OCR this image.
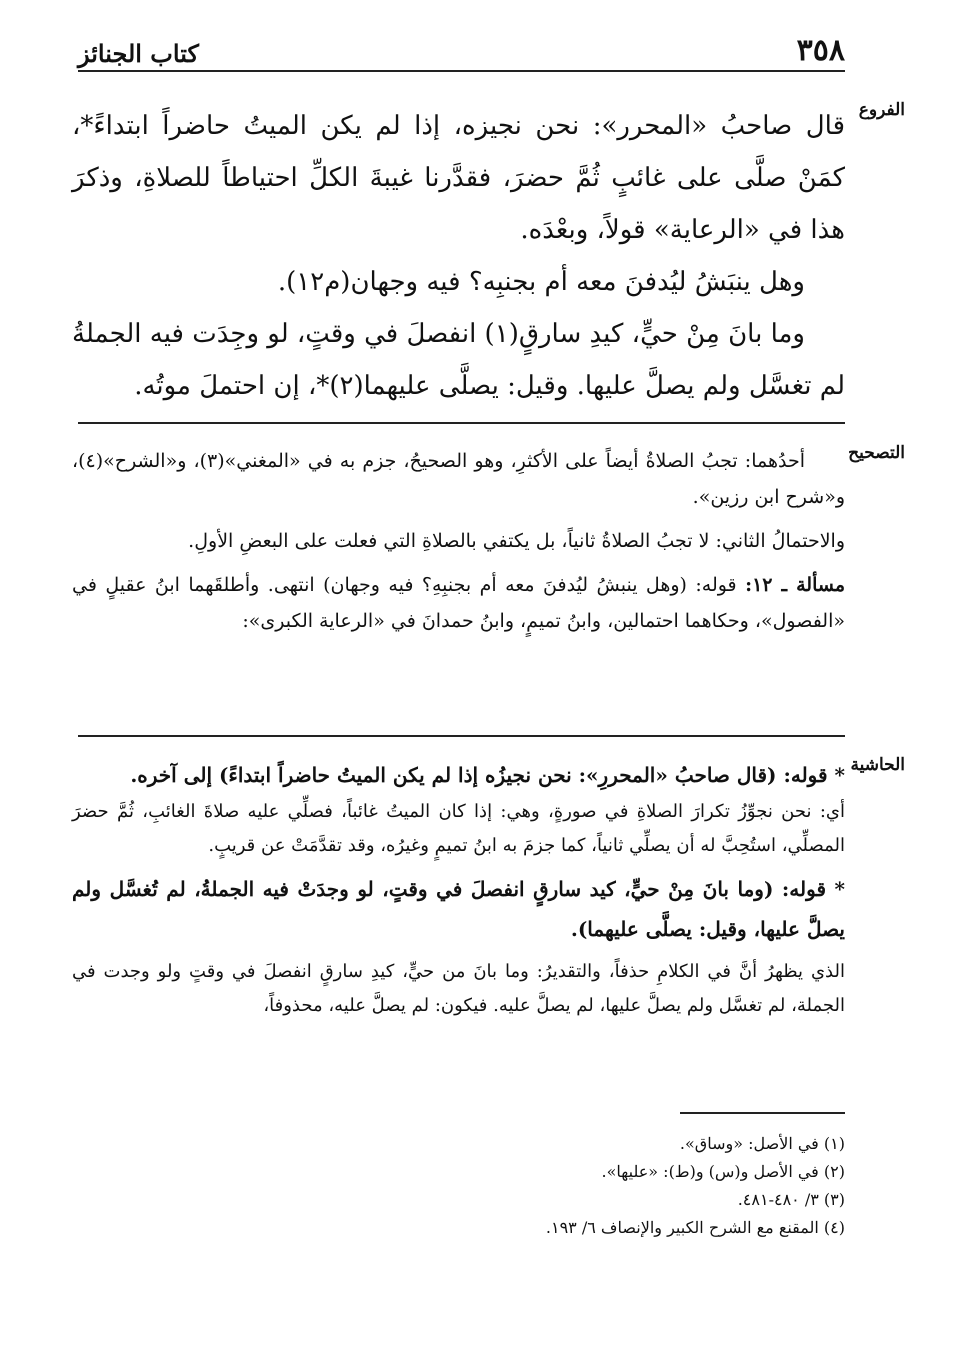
٣٥٨
كتاب الجنائز
الفروع

قال صاحبُ «المحرر»: نحن نجيزه، إذا لم يكن الميتُ حاضراً ابتداءً*، كمَنْ صلَّى على غائبٍ ثُمَّ حضرَ، فقدَّرنا غيبةَ الكلِّ احتياطاً للصلاةِ، وذكرَ هذا في «الرعاية» قولاً، وبعْدَه.

وهل ينبَشُ ليُدفنَ معه أم بجنبِه؟ فيه وجهان(م١٢).

وما بانَ مِنْ حيٍّ، كيدِ سارقٍ(١) انفصلَ في وقتٍ، لو وجِدَت فيه الجملةُ لم تغسَّل ولم يصلَّ عليها. وقيل: يصلَّى عليهما(٢)*، إن احتملَ موتُه.

التصحيح

أحدُهما: تجبُ الصلاةُ أيضاً على الأكثرِ، وهو الصحيحُ، جزم به في «المغني»(٣)، و«الشرح»(٤)، و«شرح ابن رزين».

والاحتمالُ الثاني: لا تجبُ الصلاةُ ثانياً، بل يكتفي بالصلاةِ التي فعلت على البعضِ الأولِ.

مسألة ـ ١٢: قوله: (وهل ينبشُ ليُدفنَ معه أم بجنبِهِ؟ فيه وجهان) انتهى. وأطلقَهما ابنُ عقيلٍ في «الفصول»، وحكاهما احتمالين، وابنُ تميمٍ، وابنُ حمدانَ في «الرعاية الكبرى»:

الحاشية

* قوله: (قال صاحبُ «المحررِ»: نحن نجيزُه إذا لم يكن الميتُ حاضراً ابتداءً) إلى آخره.

أي: نحن نجوِّزُ تكرارَ الصلاةِ في صورةٍ، وهي: إذا كان الميتُ غائباً، فصلِّي عليه صلاةَ الغائبِ، ثُمَّ حضرَ المصلِّي، استُحِبَّ له أن يصلِّي ثانياً، كما جزمَ به ابنُ تميمٍ وغيرُه، وقد تقدَّمَتْ عن قريبٍ.

* قوله: (وما بانَ مِنْ حيٍّ، كيد سارقٍ انفصلَ في وقتٍ، لو وجدَتْ فيه الجملةُ، لم تُغسَّل ولم يصلَّ عليها، وقيل: يصلَّى عليهما).

الذي يظهرُ أنَّ في الكلامِ حذفاً، والتقديرُ: وما بانَ من حيٍّ، كيدِ سارقٍ انفصلَ في وقتٍ ولو وجدت في الجملة، لم تغسَّل ولم يصلَّ عليها، لم يصلَّ عليه. فيكون: لم يصلَّ عليه، محذوفاً،

(١) في الأصل: «وساق».

(٢) في الأصل و(س) و(ط): «عليها».

(٣) ٣/ ٤٨٠-٤٨١.

(٤) المقنع مع الشرح الكبير والإنصاف ٦/ ١٩٣.
